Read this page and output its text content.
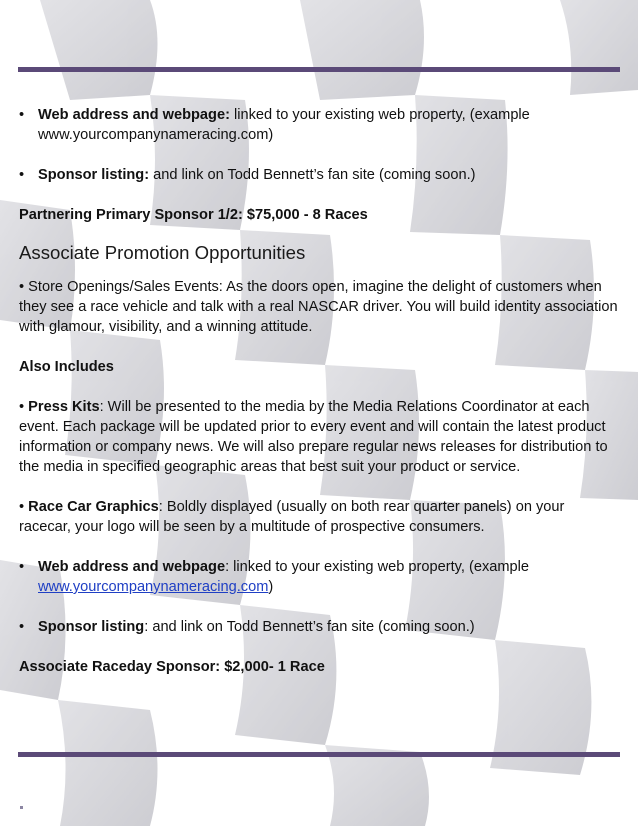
• Web address and webpage: linked to your existing web property, (example
www.yourcompanynameracing.com)

• Sponsor listing: and link on Todd Bennett’s fan site (coming soon.)

Partnering Primary Sponsor 1/2: $75,000 - 8 Races

Associate Promotion Opportunities

• Store Openings/Sales Events: As the doors open, imagine the delight of customers when they see a race vehicle and talk with a real NASCAR driver. You will build identity association with glamour, visibility, and a winning attitude.

Also Includes

• Press Kits: Will be presented to the media by the Media Relations Coordinator at each event. Each package will be updated prior to every event and will contain the latest product information or company news. We will also prepare regular news releases for distribution to the media in specified geographic areas that best suit your product or service.

• Race Car Graphics: Boldly displayed (usually on both rear quarter panels) on your racecar, your logo will be seen by a multitude of prospective consumers.

• Web address and webpage: linked to your existing web property, (example
www.yourcompanynameracing.com)

• Sponsor listing: and link on Todd Bennett’s fan site (coming soon.)

Associate Raceday Sponsor: $2,000- 1 Race
